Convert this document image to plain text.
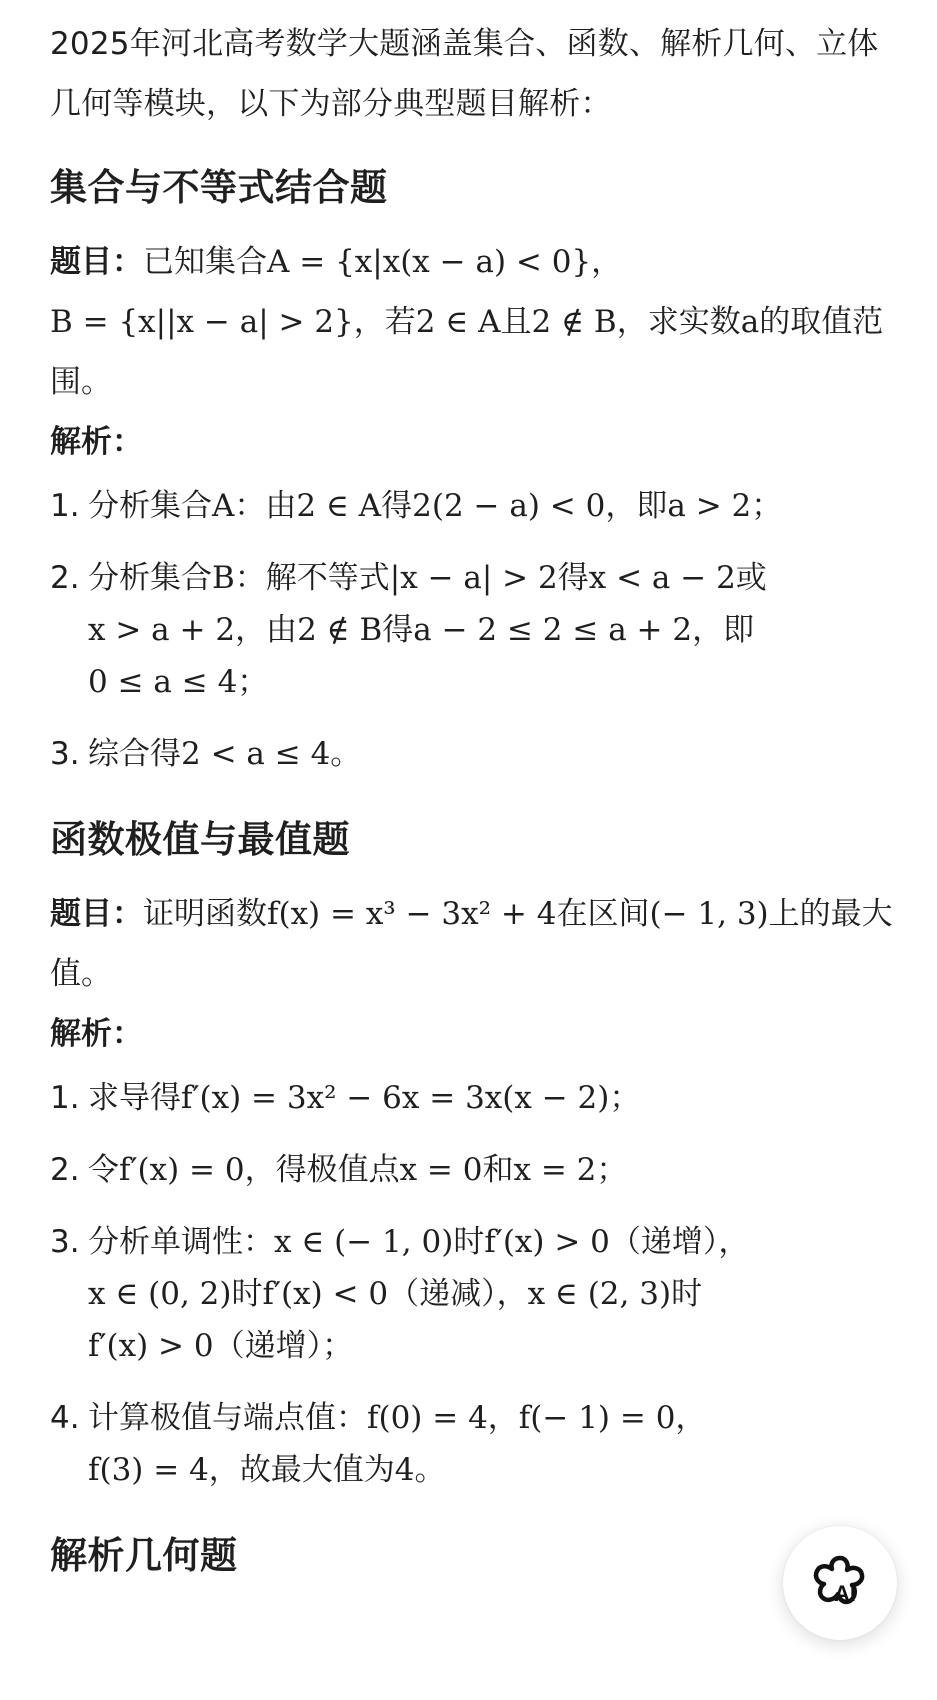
2025年河北高考数学大题涵盖集合、函数、解析几何、立体几何等模块，以下为部分典型题目解析：

集合与不等式结合题

题目：已知集合A = {x|x(x − a) < 0}，
B = {x||x − a| > 2}，若2 ∈ A且2 ∉ B，求实数a的取值范围。

解析：

1. 分析集合A：由2 ∈ A得2(2 − a) < 0，即a > 2；
2. 分析集合B：解不等式|x − a| > 2得x < a − 2或
x > a + 2，由2 ∉ B得a − 2 ≤ 2 ≤ a + 2，即
0 ≤ a ≤ 4；
3. 综合得2 < a ≤ 4。
函数极值与最值题

题目：证明函数f(x) = x³ − 3x² + 4在区间(− 1, 3)上的最大值。

解析：

1. 求导得f′(x) = 3x² − 6x = 3x(x − 2)；
2. 令f′(x) = 0，得极值点x = 0和x = 2；
3. 分析单调性：x ∈ (− 1, 0)时f′(x) > 0（递增），
x ∈ (0, 2)时f′(x) < 0（递减），x ∈ (2, 3)时
f′(x) > 0（递增）；
4. 计算极值与端点值：f(0) = 4，f(− 1) = 0，
f(3) = 4，故最大值为4。
解析几何题
AI
